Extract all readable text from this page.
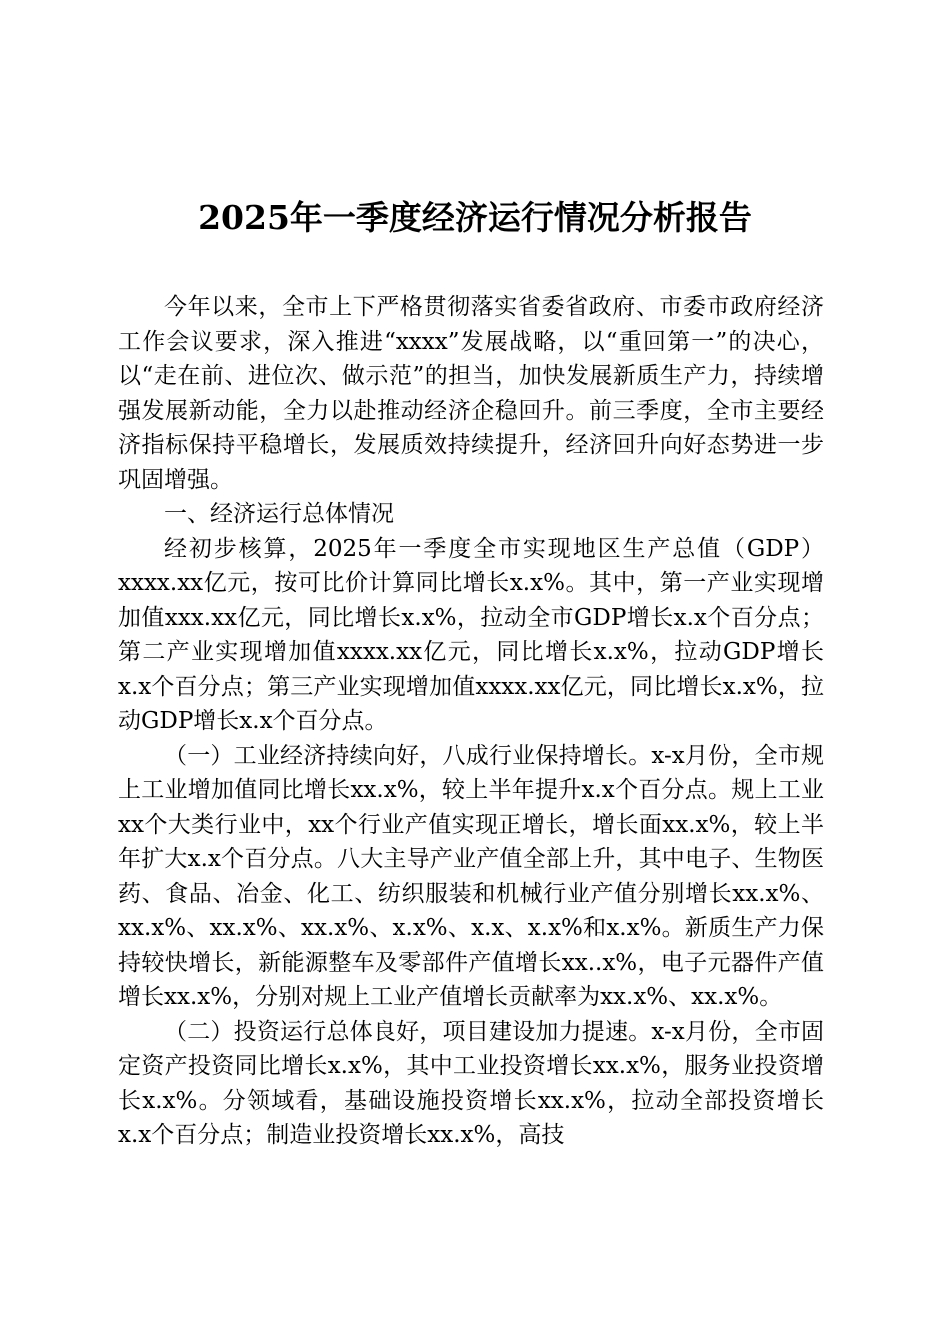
2025年一季度经济运行情况分析报告

今年以来，全市上下严格贯彻落实省委省政府、市委市政府经济工作会议要求，深入推进“xxxx”发展战略，以“重回第一”的决心，以“走在前、进位次、做示范”的担当，加快发展新质生产力，持续增强发展新动能，全力以赴推动经济企稳回升。前三季度，全市主要经济指标保持平稳增长，发展质效持续提升，经济回升向好态势进一步巩固增强。

一、经济运行总体情况

经初步核算，2025年一季度全市实现地区生产总值（GDP）xxxx.xx亿元，按可比价计算同比增长x.x%。其中，第一产业实现增加值xxx.xx亿元，同比增长x.x%，拉动全市GDP增长x.x个百分点；第二产业实现增加值xxxx.xx亿元，同比增长x.x%，拉动GDP增长x.x个百分点；第三产业实现增加值xxxx.xx亿元，同比增长x.x%，拉动GDP增长x.x个百分点。

（一）工业经济持续向好，八成行业保持增长。x-x月份，全市规上工业增加值同比增长xx.x%，较上半年提升x.x个百分点。规上工业xx个大类行业中，xx个行业产值实现正增长，增长面xx.x%，较上半年扩大x.x个百分点。八大主导产业产值全部上升，其中电子、生物医药、食品、冶金、化工、纺织服装和机械行业产值分别增长xx.x%、xx.x%、xx.x%、xx.x%、x.x%、x.x、x.x%和x.x%。新质生产力保持较快增长，新能源整车及零部件产值增长xx..x%，电子元器件产值增长xx.x%，分别对规上工业产值增长贡献率为xx.x%、xx.x%。

（二）投资运行总体良好，项目建设加力提速。x-x月份，全市固定资产投资同比增长x.x%，其中工业投资增长xx.x%，服务业投资增长x.x%。分领域看，基础设施投资增长xx.x%，拉动全部投资增长x.x个百分点；制造业投资增长xx.x%，高技
